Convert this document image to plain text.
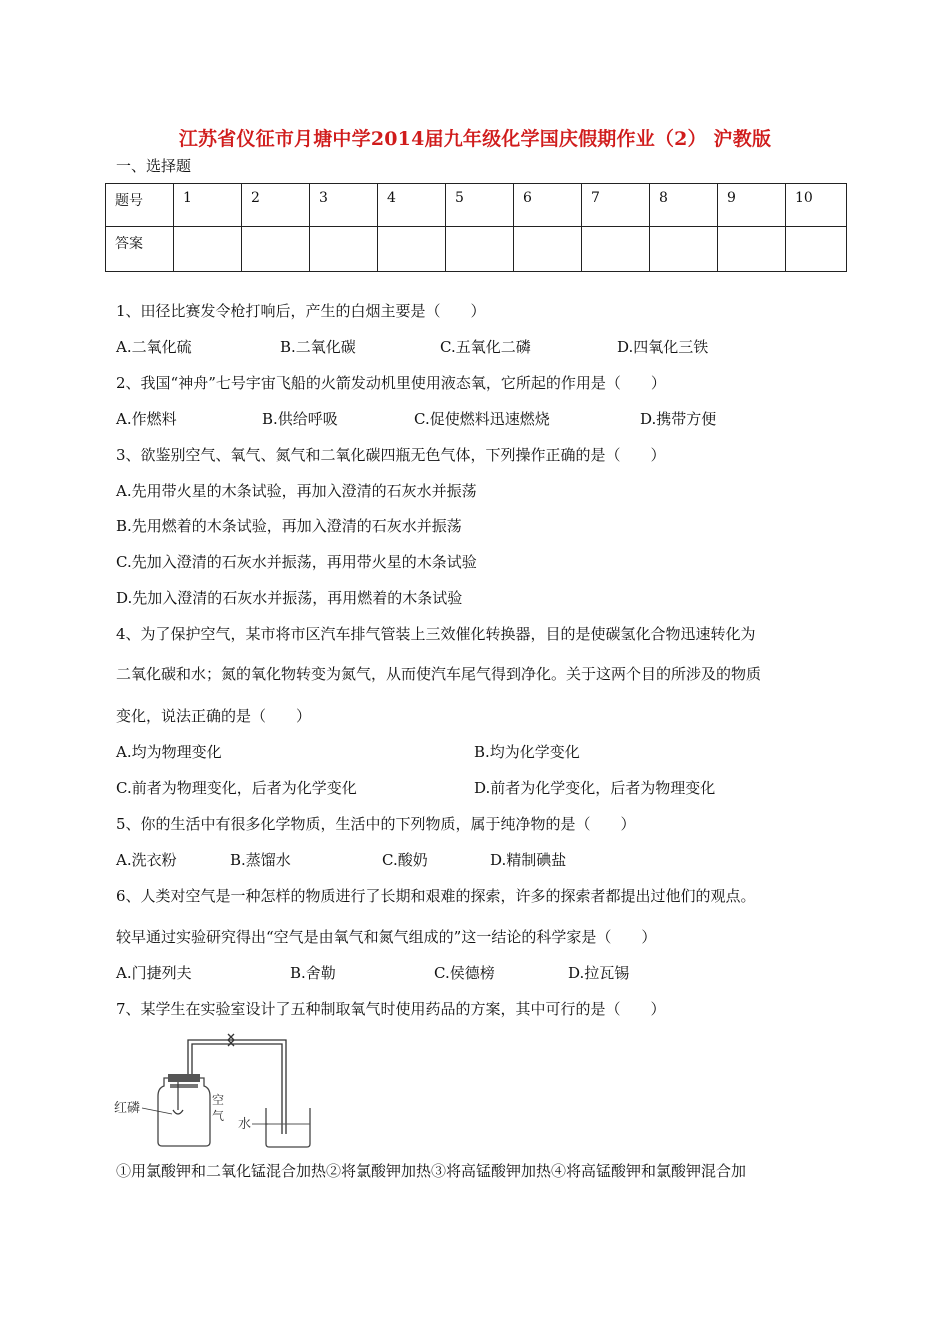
江苏省仪征市月塘中学2014届九年级化学国庆假期作业（2） 沪教版
一、选择题
题号	1	2	3	4	5	6	7	8	9	10
答案										
1、田径比赛发令枪打响后，产生的白烟主要是（　　）
A.二氧化硫	B.二氧化碳	C.五氧化二磷	D.四氧化三铁
2、我国“神舟”七号宇宙飞船的火箭发动机里使用液态氧，它所起的作用是（　　）
A.作燃料	B.供给呼吸	C.促使燃料迅速燃烧	D.携带方便
3、欲鉴别空气、氧气、氮气和二氧化碳四瓶无色气体，下列操作正确的是（　　）
A.先用带火星的木条试验，再加入澄清的石灰水并振荡
B.先用燃着的木条试验，再加入澄清的石灰水并振荡
C.先加入澄清的石灰水并振荡，再用带火星的木条试验
D.先加入澄清的石灰水并振荡，再用燃着的木条试验
4、为了保护空气，某市将市区汽车排气管装上三效催化转换器，目的是使碳氢化合物迅速转化为
二氧化碳和水；氮的氧化物转变为氮气，从而使汽车尾气得到净化。关于这两个目的所涉及的物质
变化，说法正确的是（　　）
A.均为物理变化	B.均为化学变化
C.前者为物理变化，后者为化学变化	D.前者为化学变化，后者为物理变化
5、你的生活中有很多化学物质，生活中的下列物质，属于纯净物的是（　　）
A.洗衣粉	B.蒸馏水	C.酸奶	D.精制碘盐
6、人类对空气是一种怎样的物质进行了长期和艰难的探索，许多的探索者都提出过他们的观点。
较早通过实验研究得出“空气是由氧气和氮气组成的”这一结论的科学家是（　　）
A.门捷列夫	B.舍勒	C.侯德榜	D.拉瓦锡
7、某学生在实验室设计了五种制取氧气时使用药品的方案，其中可行的是（　　）
红磷
空
气
水
①用氯酸钾和二氧化锰混合加热②将氯酸钾加热③将高锰酸钾加热④将高锰酸钾和氯酸钾混合加
